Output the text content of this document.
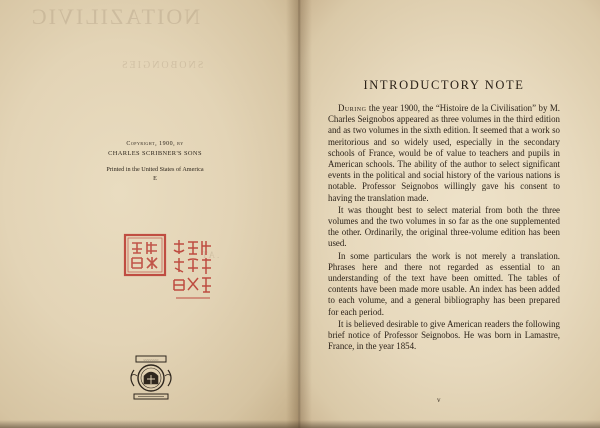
NOITAZILIVIC
SNOBONGIES
.AT
Copyright, 1900, by
CHARLES SCRIBNER'S SONS
Printed in the United States of America
E
~~~~~~~~
INTRODUCTORY NOTE

During the year 1900, the “Histoire de la Civilisation” by M. Charles Seignobos appeared as three volumes in the third edition and as two volumes in the sixth edition. It seemed that a work so meritorious and so widely used, especially in the secondary schools of France, would be of value to teachers and pupils in American schools. The ability of the author to select significant events in the political and social history of the various nations is notable. Professor Seignobos willingly gave his consent to having the translation made.

It was thought best to select material from both the three volumes and the two volumes in so far as the one supplemented the other. Ordinarily, the original three-volume edition has been used.

In some particulars the work is not merely a translation. Phrases here and there not regarded as essential to an understanding of the text have been omitted. The tables of contents have been made more usable. An index has been added to each volume, and a general bibliography has been prepared for each period.

It is believed desirable to give American readers the following brief notice of Professor Seignobos. He was born in Lamastre, France, in the year 1854.

v
